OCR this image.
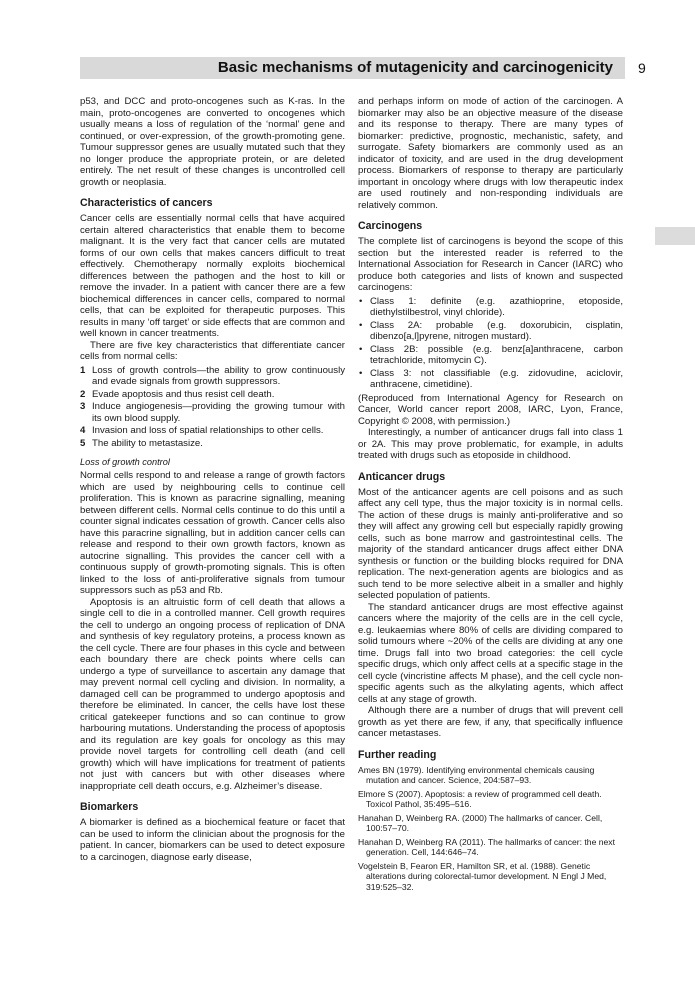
Basic mechanisms of mutagenicity and carcinogenicity 9

p53, and DCC and proto-oncogenes such as K-ras. In the main, proto-oncogenes are converted to oncogenes which usually means a loss of regulation of the ‘normal’ gene and continued, or over-expression, of the growth-promoting gene. Tumour suppressor genes are usually mutated such that they no longer produce the appropriate protein, or are deleted entirely. The net result of these changes is uncontrolled cell growth or neoplasia.

Characteristics of cancers

Cancer cells are essentially normal cells that have acquired certain altered characteristics that enable them to become malignant. It is the very fact that cancer cells are mutated forms of our own cells that makes cancers difficult to treat effectively. Chemotherapy normally exploits biochemical differences between the pathogen and the host to kill or remove the invader. In a patient with cancer there are a few biochemical differences in cancer cells, compared to normal cells, that can be exploited for therapeutic purposes. This results in many ‘off target’ or side effects that are common and well known in cancer treatments.

There are five key characteristics that differentiate cancer cells from normal cells:

1 Loss of growth controls—the ability to grow continuously and evade signals from growth suppressors.
2 Evade apoptosis and thus resist cell death.
3 Induce angiogenesis—providing the growing tumour with its own blood supply.
4 Invasion and loss of spatial relationships to other cells.
5 The ability to metastasize.
Loss of growth control

Normal cells respond to and release a range of growth factors which are used by neighbouring cells to continue cell proliferation. This is known as paracrine signalling, meaning between different cells. Normal cells continue to do this until a counter signal indicates cessation of growth. Cancer cells also have this paracrine signalling, but in addition cancer cells can release and respond to their own growth factors, known as autocrine signalling. This provides the cancer cell with a continuous supply of growth-promoting signals. This is often linked to the loss of anti-proliferative signals from tumour suppressors such as p53 and Rb.

Apoptosis is an altruistic form of cell death that allows a single cell to die in a controlled manner. Cell growth requires the cell to undergo an ongoing process of replication of DNA and synthesis of key regulatory proteins, a process known as the cell cycle. There are four phases in this cycle and between each boundary there are check points where cells can undergo a type of surveillance to ascertain any damage that may prevent normal cell cycling and division. In normality, a damaged cell can be programmed to undergo apoptosis and therefore be eliminated. In cancer, the cells have lost these critical gatekeeper functions and so can continue to grow harbouring mutations. Understanding the process of apoptosis and its regulation are key goals for oncology as this may provide novel targets for controlling cell death (and cell growth) which will have implications for treatment of patients not just with cancers but with other diseases where inappropriate cell death occurs, e.g. Alzheimer’s disease.

Biomarkers

A biomarker is defined as a biochemical feature or facet that can be used to inform the clinician about the prognosis for the patient. In cancer, biomarkers can be used to detect exposure to a carcinogen, diagnose early disease,

and perhaps inform on mode of action of the carcinogen. A biomarker may also be an objective measure of the disease and its response to therapy. There are many types of biomarker: predictive, prognostic, mechanistic, safety, and surrogate. Safety biomarkers are commonly used as an indicator of toxicity, and are used in the drug development process. Biomarkers of response to therapy are particularly important in oncology where drugs with low therapeutic index are used routinely and non-responding individuals are relatively common.

Carcinogens

The complete list of carcinogens is beyond the scope of this section but the interested reader is referred to the International Association for Research in Cancer (IARC) who produce both categories and lists of known and suspected carcinogens:

• Class 1: definite (e.g. azathioprine, etoposide, diethylstilbestrol, vinyl chloride).
• Class 2A: probable (e.g. doxorubicin, cisplatin, dibenzo[a,l]pyrene, nitrogen mustard).
• Class 2B: possible (e.g. benz[a]anthracene, carbon tetrachloride, mitomycin C).
• Class 3: not classifiable (e.g. zidovudine, aciclovir, anthracene, cimetidine).

(Reproduced from International Agency for Research on Cancer, World cancer report 2008, IARC, Lyon, France, Copyright © 2008, with permission.)

Interestingly, a number of anticancer drugs fall into class 1 or 2A. This may prove problematic, for example, in adults treated with drugs such as etoposide in childhood.

Anticancer drugs

Most of the anticancer agents are cell poisons and as such affect any cell type, thus the major toxicity is in normal cells. The action of these drugs is mainly anti-proliferative and so they will affect any growing cell but especially rapidly growing cells, such as bone marrow and gastrointestinal cells. The majority of the standard anticancer drugs affect either DNA synthesis or function or the building blocks required for DNA replication. The next-generation agents are biologics and as such tend to be more selective albeit in a smaller and highly selected population of patients.

The standard anticancer drugs are most effective against cancers where the majority of the cells are in the cell cycle, e.g. leukaemias where 80% of cells are dividing compared to solid tumours where ~20% of the cells are dividing at any one time. Drugs fall into two broad categories: the cell cycle specific drugs, which only affect cells at a specific stage in the cell cycle (vincristine affects M phase), and the cell cycle non-specific agents such as the alkylating agents, which affect cells at any stage of growth.

Although there are a number of drugs that will prevent cell growth as yet there are few, if any, that specifically influence cancer metastases.

Further reading
Ames BN (1979). Identifying environmental chemicals causing mutation and cancer. Science, 204:587–93.
Elmore S (2007). Apoptosis: a review of programmed cell death. Toxicol Pathol, 35:495–516.
Hanahan D, Weinberg RA. (2000) The hallmarks of cancer. Cell, 100:57–70.
Hanahan D, Weinberg RA (2011). The hallmarks of cancer: the next generation. Cell, 144:646–74.
Vogelstein B, Fearon ER, Hamilton SR, et al. (1988). Genetic alterations during colorectal-tumor development. N Engl J Med, 319:525–32.
